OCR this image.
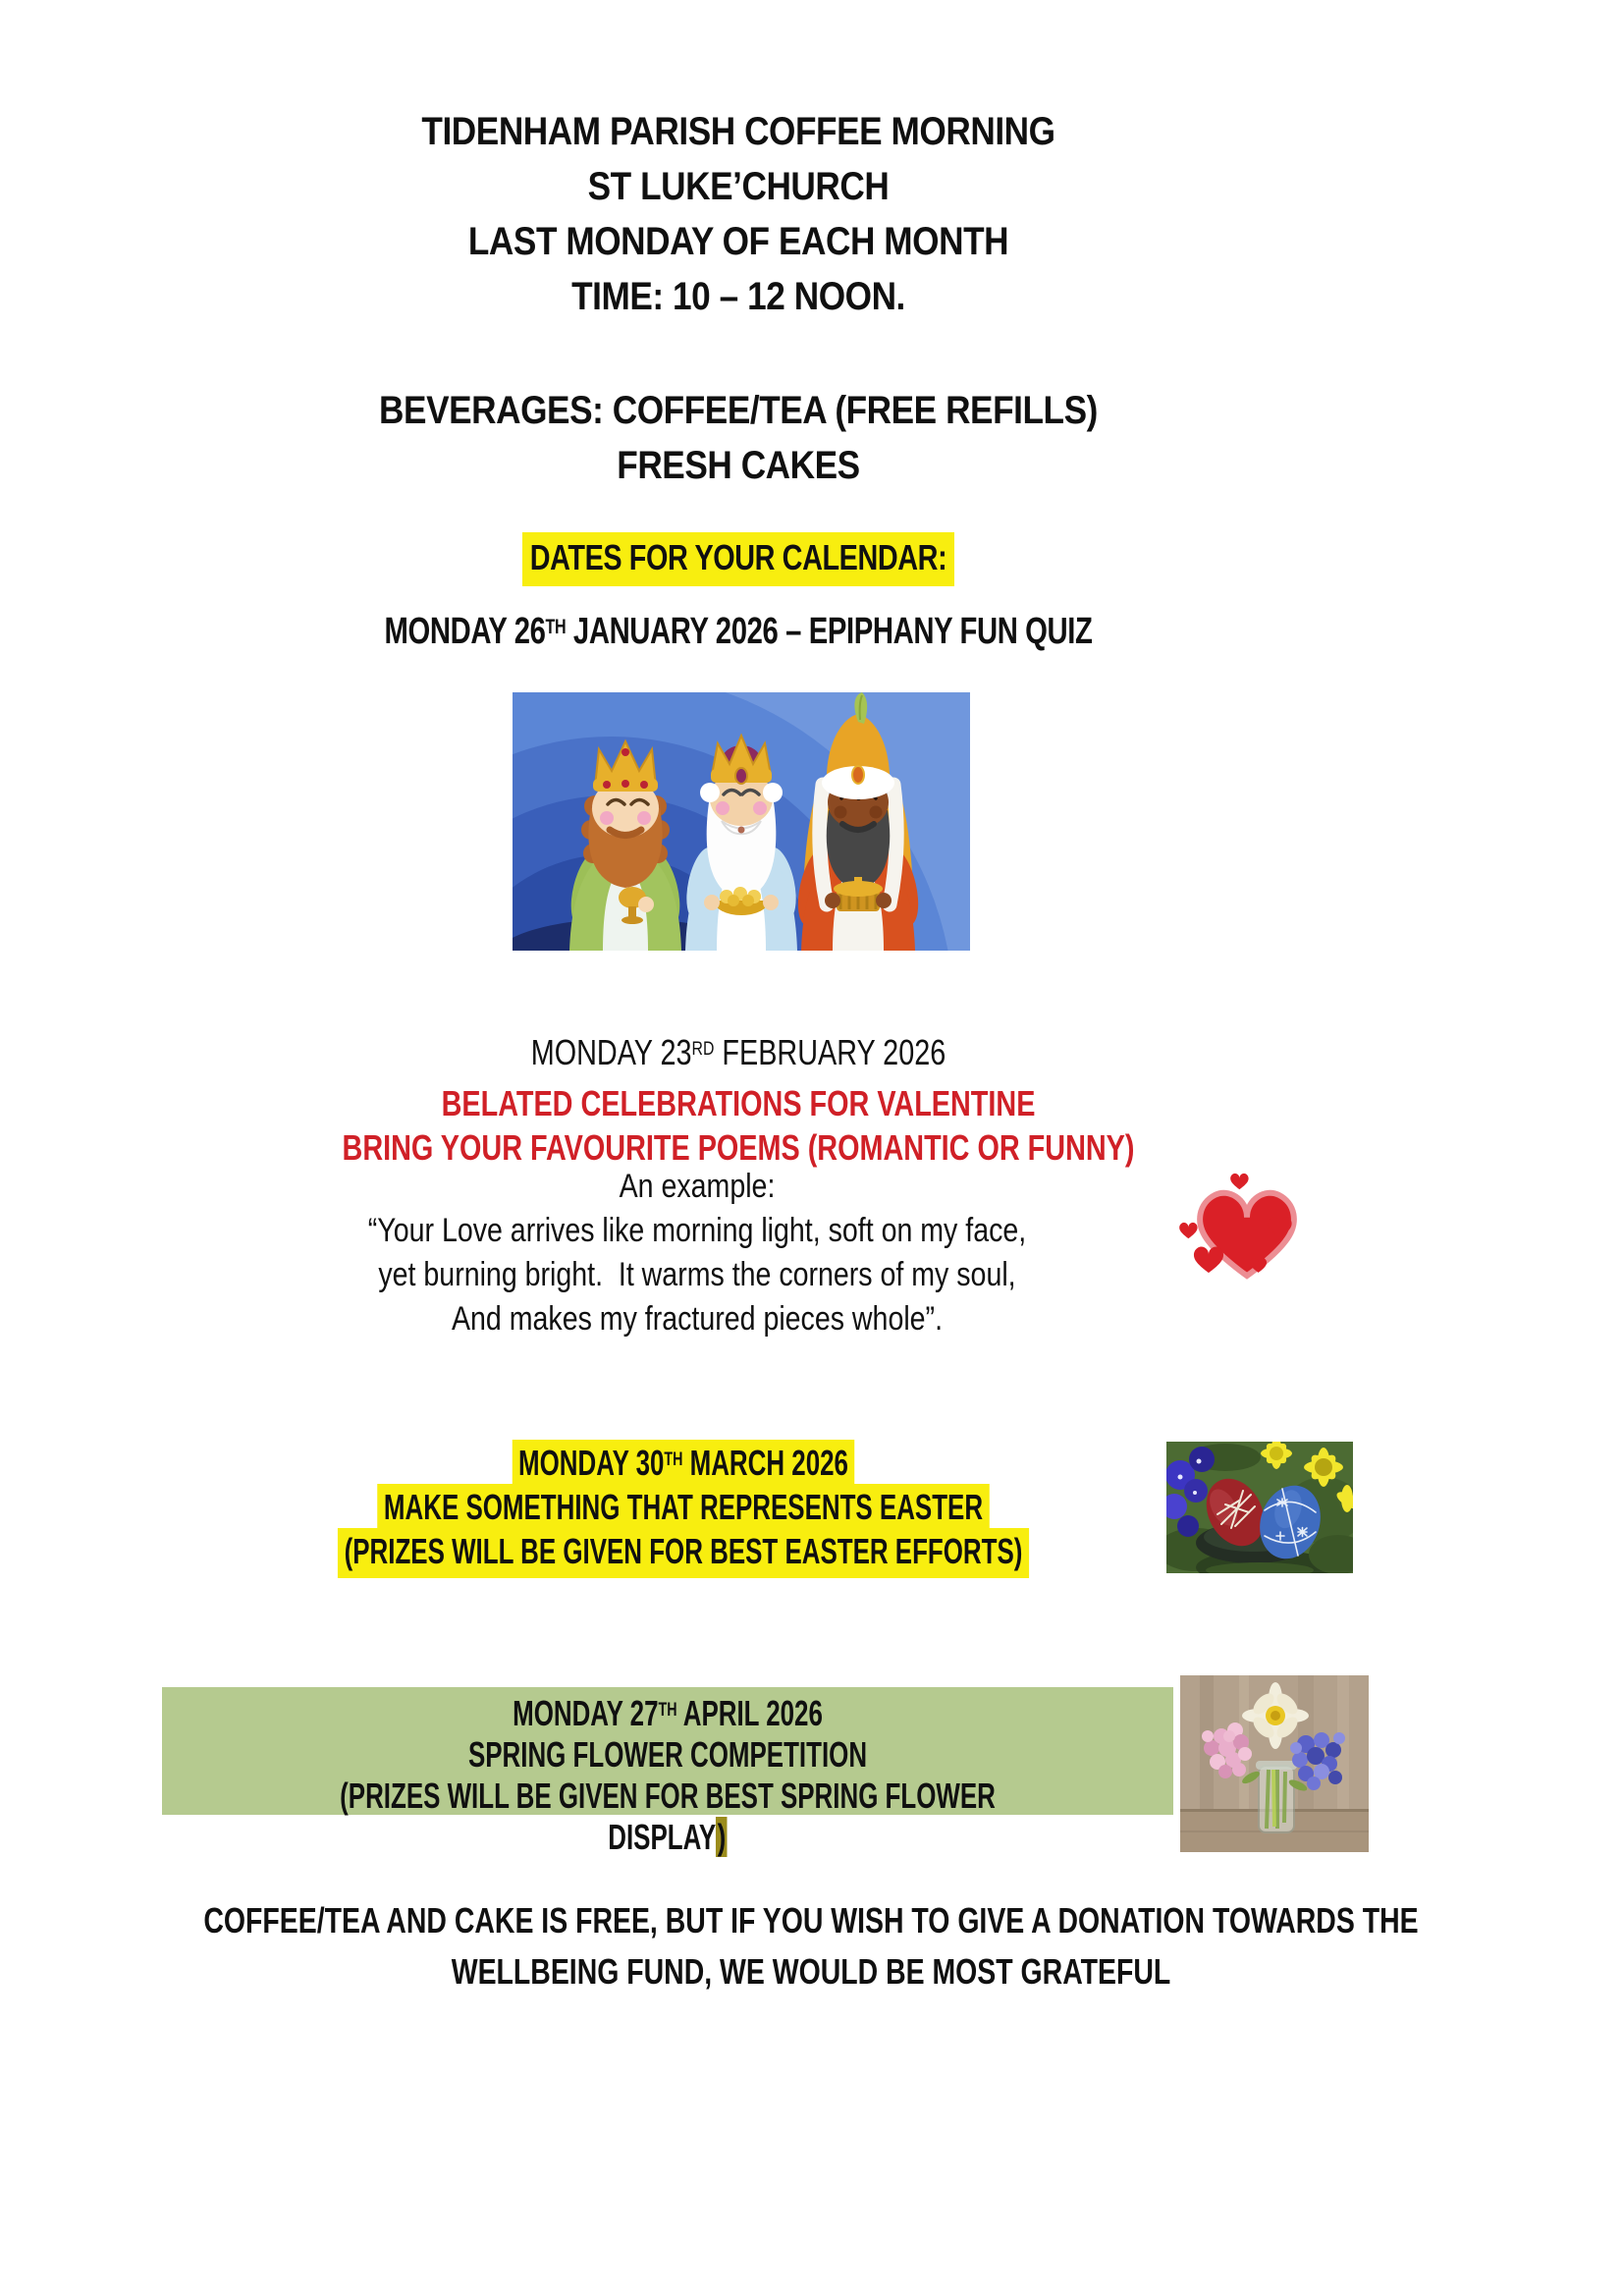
TIDENHAM PARISH COFFEE MORNING
ST LUKE’CHURCH
LAST MONDAY OF EACH MONTH
TIME: 10 – 12 NOON.
BEVERAGES: COFFEE/TEA (FREE REFILLS)
FRESH CAKES
DATES FOR YOUR CALENDAR:
MONDAY 26TH JANUARY 2026 – EPIPHANY FUN QUIZ
MONDAY 23RD FEBRUARY 2026
BELATED CELEBRATIONS FOR VALENTINE
BRING YOUR FAVOURITE POEMS (ROMANTIC OR FUNNY)
An example:
“Your Love arrives like morning light, soft on my face,
yet burning bright.  It warms the corners of my soul,
And makes my fractured pieces whole”.
MONDAY 30TH MARCH 2026
MAKE SOMETHING THAT REPRESENTS EASTER
(PRIZES WILL BE GIVEN FOR BEST EASTER EFFORTS)
MONDAY 27TH APRIL 2026
SPRING FLOWER COMPETITION
(PRIZES WILL BE GIVEN FOR BEST SPRING FLOWER DISPLAY)
COFFEE/TEA AND CAKE IS FREE, BUT IF YOU WISH TO GIVE A DONATION TOWARDS THE
WELLBEING FUND, WE WOULD BE MOST GRATEFUL
